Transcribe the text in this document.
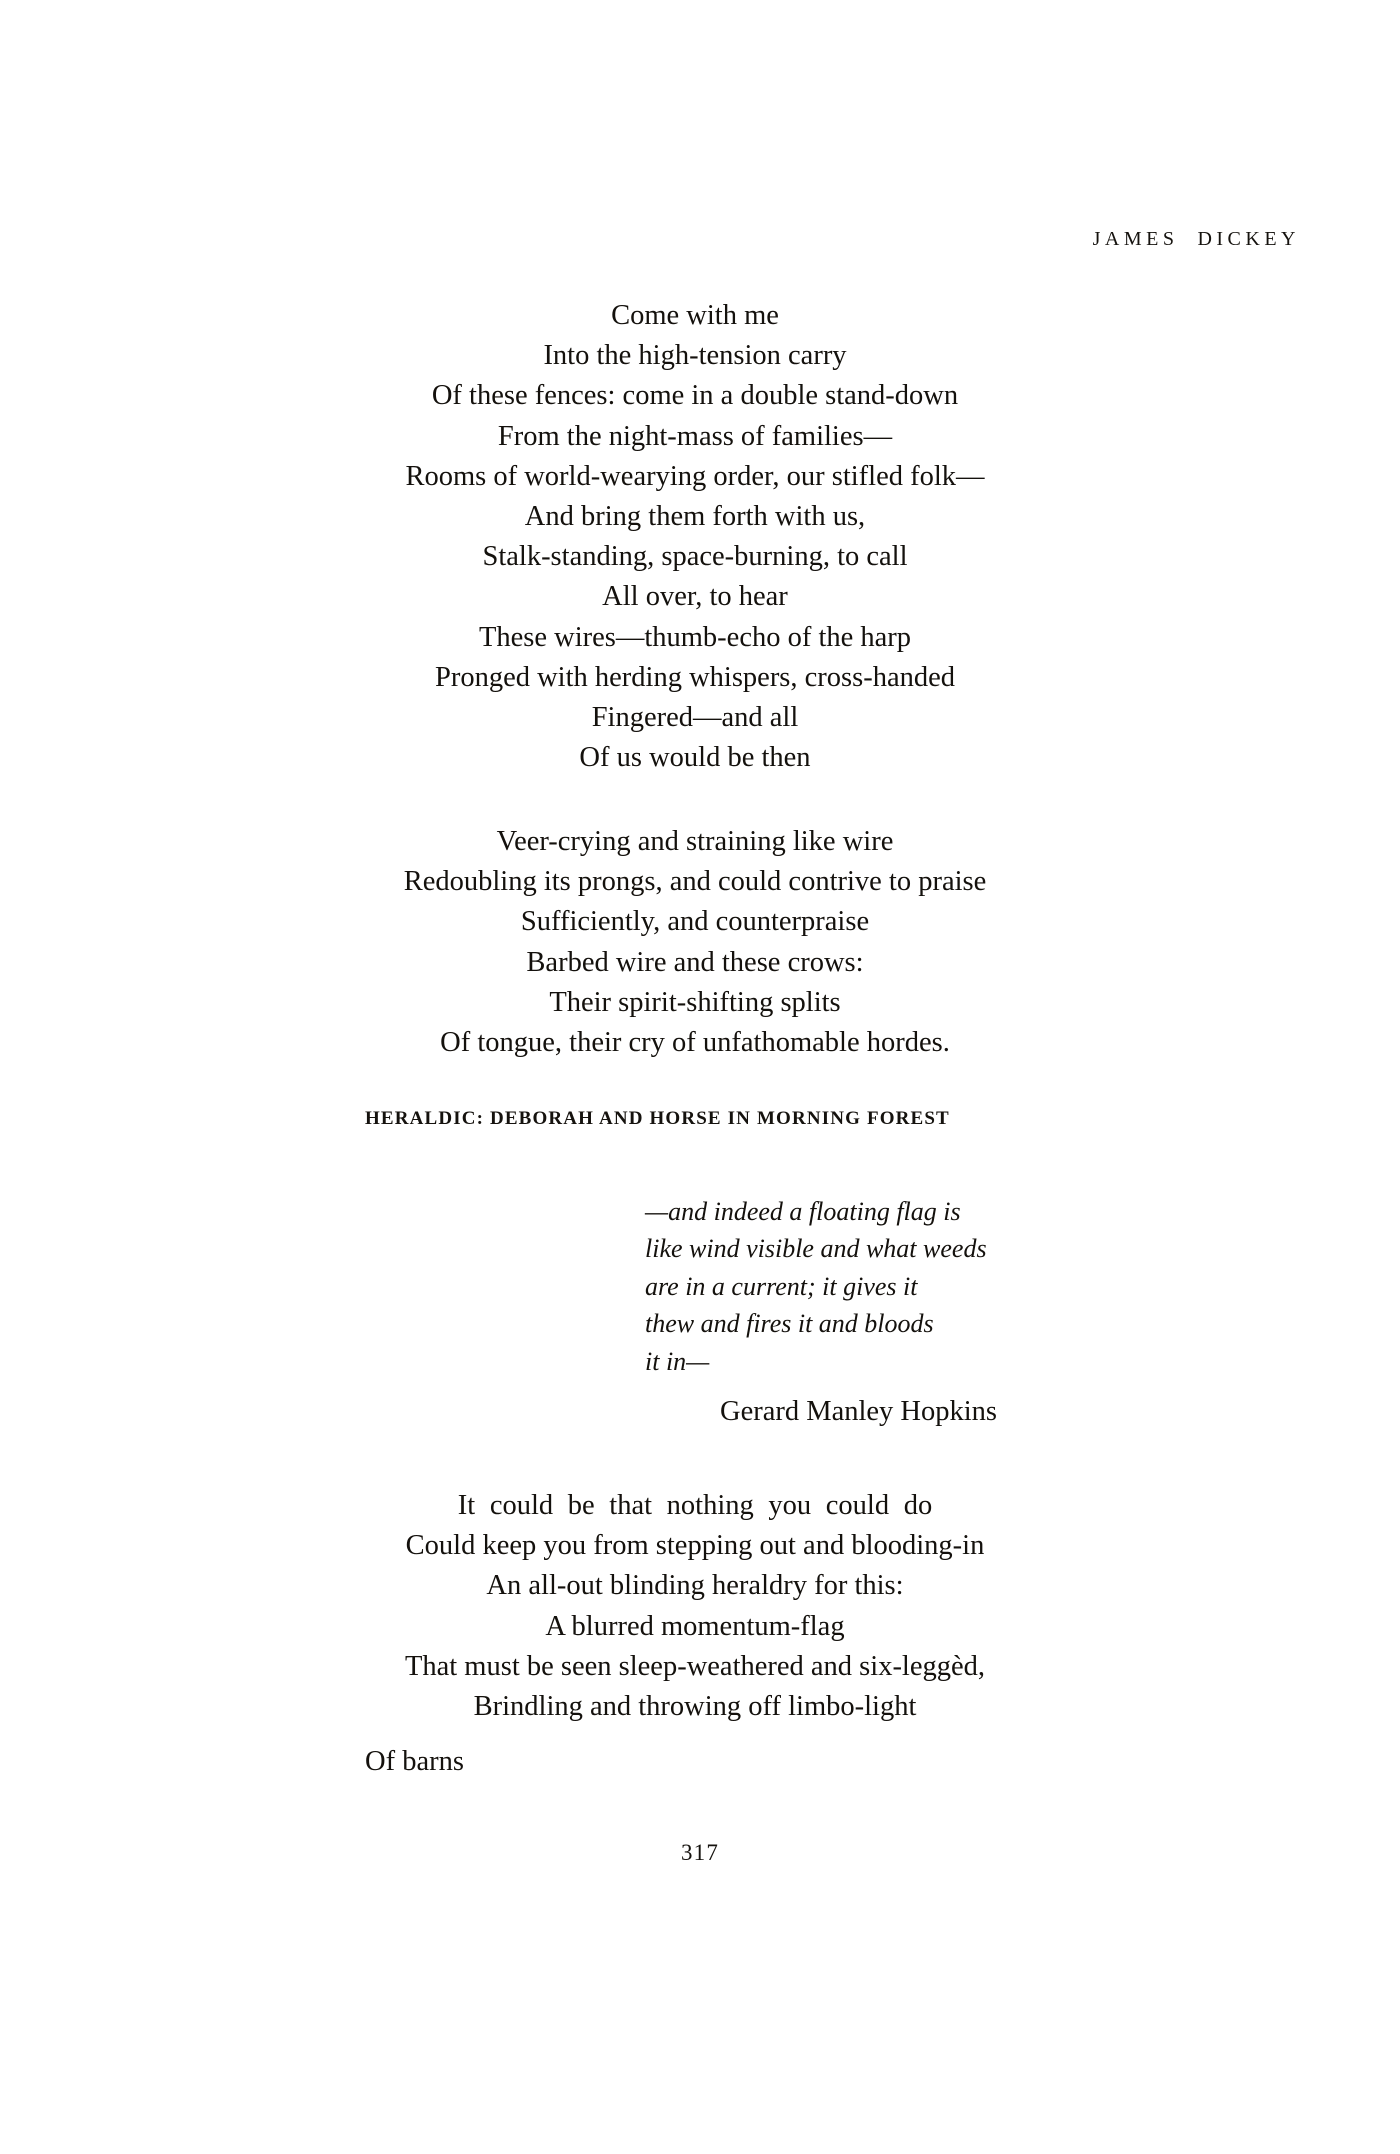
JAMES  DICKEY
Come with me
Into the high-tension carry
Of these fences: come in a double stand-down
From the night-mass of families—
Rooms of world-wearying order, our stifled folk—
And bring them forth with us,
Stalk-standing, space-burning, to call
All over, to hear
These wires—thumb-echo of the harp
Pronged with herding whispers, cross-handed
Fingered—and all
Of us would be then
Veer-crying and straining like wire
Redoubling its prongs, and could contrive to praise
Sufficiently, and counterpraise
Barbed wire and these crows:
Their spirit-shifting splits
Of tongue, their cry of unfathomable hordes.
HERALDIC: DEBORAH AND HORSE IN MORNING FOREST
—and indeed a floating flag is
like wind visible and what weeds
are in a current; it gives it
thew and fires it and bloods
it in—
Gerard Manley Hopkins
It could be that nothing you could do
Could keep you from stepping out and blooding-in
An all-out blinding heraldry for this:
A blurred momentum-flag
That must be seen sleep-weathered and six-leggèd,
Brindling and throwing off limbo-light
Of barns
317
